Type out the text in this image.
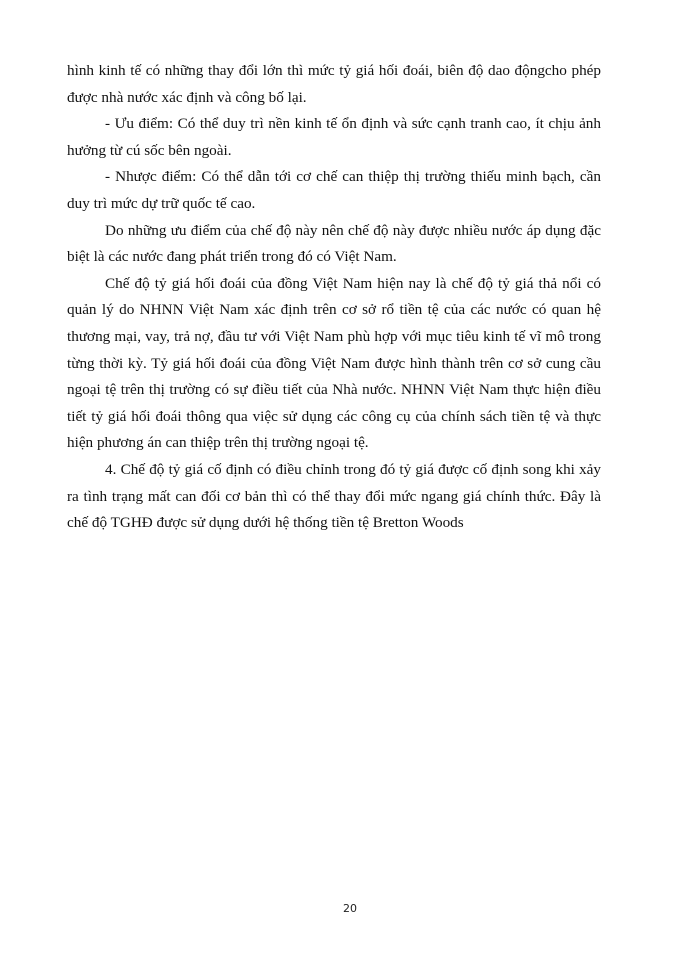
hình kinh tế có những thay đổi lớn thì mức tỷ giá hối đoái, biên độ dao độngcho phép được nhà nước xác định và công bố lại.

- Ưu điểm: Có thể duy trì nền kinh tế ổn định và sức cạnh tranh cao, ít chịu ảnh hưởng từ cú sốc bên ngoài.

- Nhược điểm: Có thể dẫn tới cơ chế can thiệp thị trường thiếu minh bạch, cần duy trì mức dự trữ quốc tế cao.

Do những ưu điểm của chế độ này nên chế độ này được nhiều nước áp dụng đặc biệt là các nước đang phát triển trong đó có Việt Nam.

Chế độ tỷ giá hối đoái của đồng Việt Nam hiện nay là chế độ tỷ giá thả nổi có quản lý do NHNN Việt Nam xác định trên cơ sở rổ tiền tệ của các nước có quan hệ thương mại, vay, trả nợ, đầu tư với Việt Nam phù hợp với mục tiêu kinh tế vĩ mô trong từng thời kỳ. Tỷ giá hối đoái của đồng Việt Nam được hình thành trên cơ sở cung cầu ngoại tệ trên thị trường có sự điều tiết của Nhà nước. NHNN Việt Nam thực hiện điều tiết tỷ giá hối đoái thông qua việc sử dụng các công cụ của chính sách tiền tệ và thực hiện phương án can thiệp trên thị trường ngoại tệ.

4. Chế độ tỷ giá cố định có điều chỉnh trong đó tỷ giá được cố định song khi xảy ra tình trạng mất can đối cơ bản thì có thể thay đổi mức ngang giá chính thức. Đây là chế độ TGHĐ được sử dụng dưới hệ thống tiền tệ Bretton Woods

20
